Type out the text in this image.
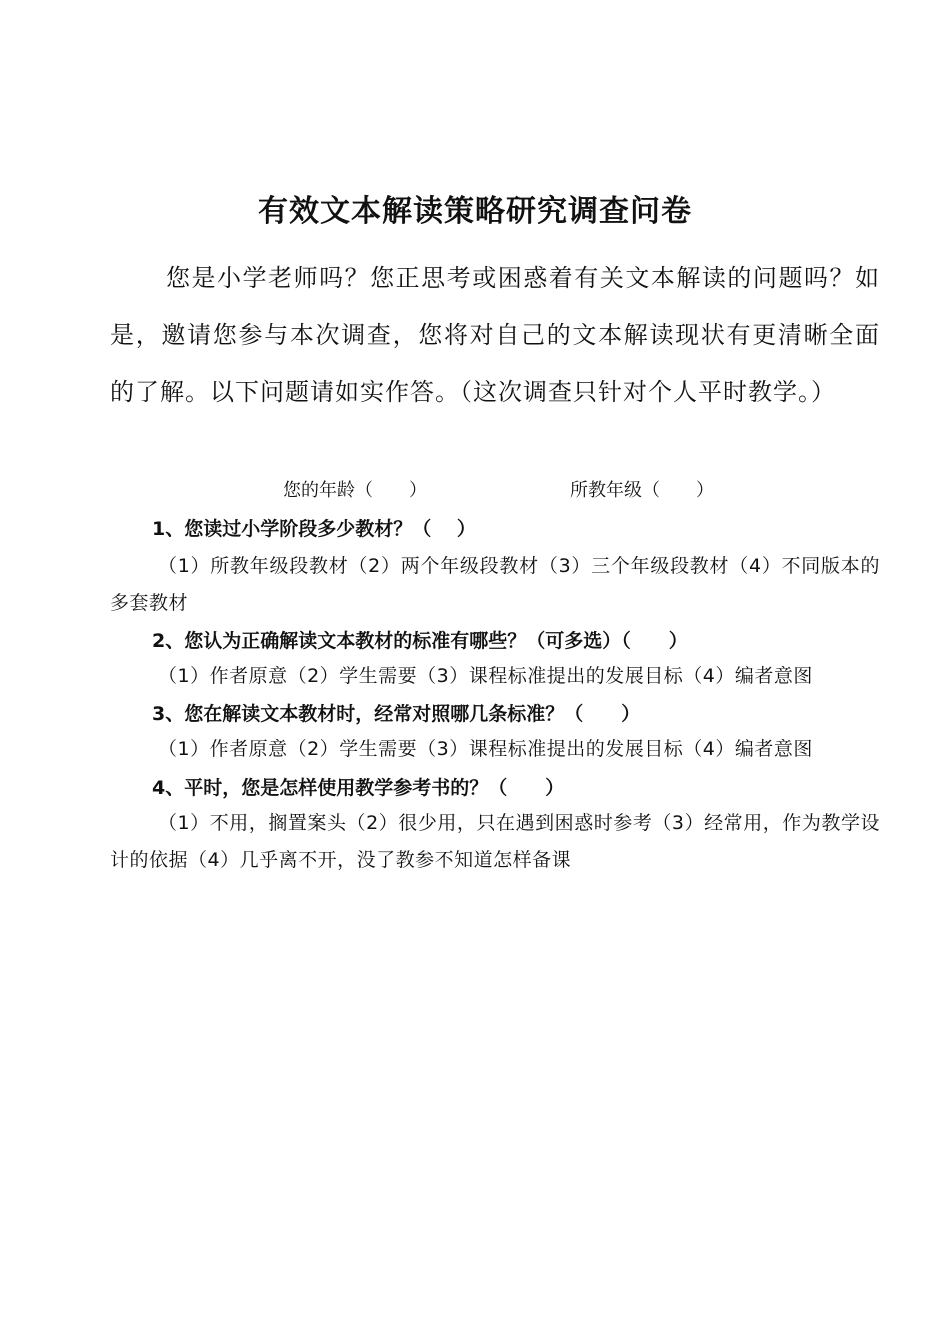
有效文本解读策略研究调查问卷
您是小学老师吗？您正思考或困惑着有关文本解读的问题吗？如是，邀请您参与本次调查，您将对自己的文本解读现状有更清晰全面的了解。以下问题请如实作答。（这次调查只针对个人平时教学。）
您的年龄（　　）	所教年级（　　）
1、您读过小学阶段多少教材？（　 ）
（1）所教年级段教材（2）两个年级段教材（3）三个年级段教材（4）不同版本的多套教材
2、您认为正确解读文本教材的标准有哪些？（可多选）（　　）
（1）作者原意（2）学生需要（3）课程标准提出的发展目标（4）编者意图
3、您在解读文本教材时，经常对照哪几条标准？（　　）
（1）作者原意（2）学生需要（3）课程标准提出的发展目标（4）编者意图
4、平时，您是怎样使用教学参考书的？（　　）
（1）不用，搁置案头（2）很少用，只在遇到困惑时参考（3）经常用，作为教学设计的依据（4）几乎离不开，没了教参不知道怎样备课
